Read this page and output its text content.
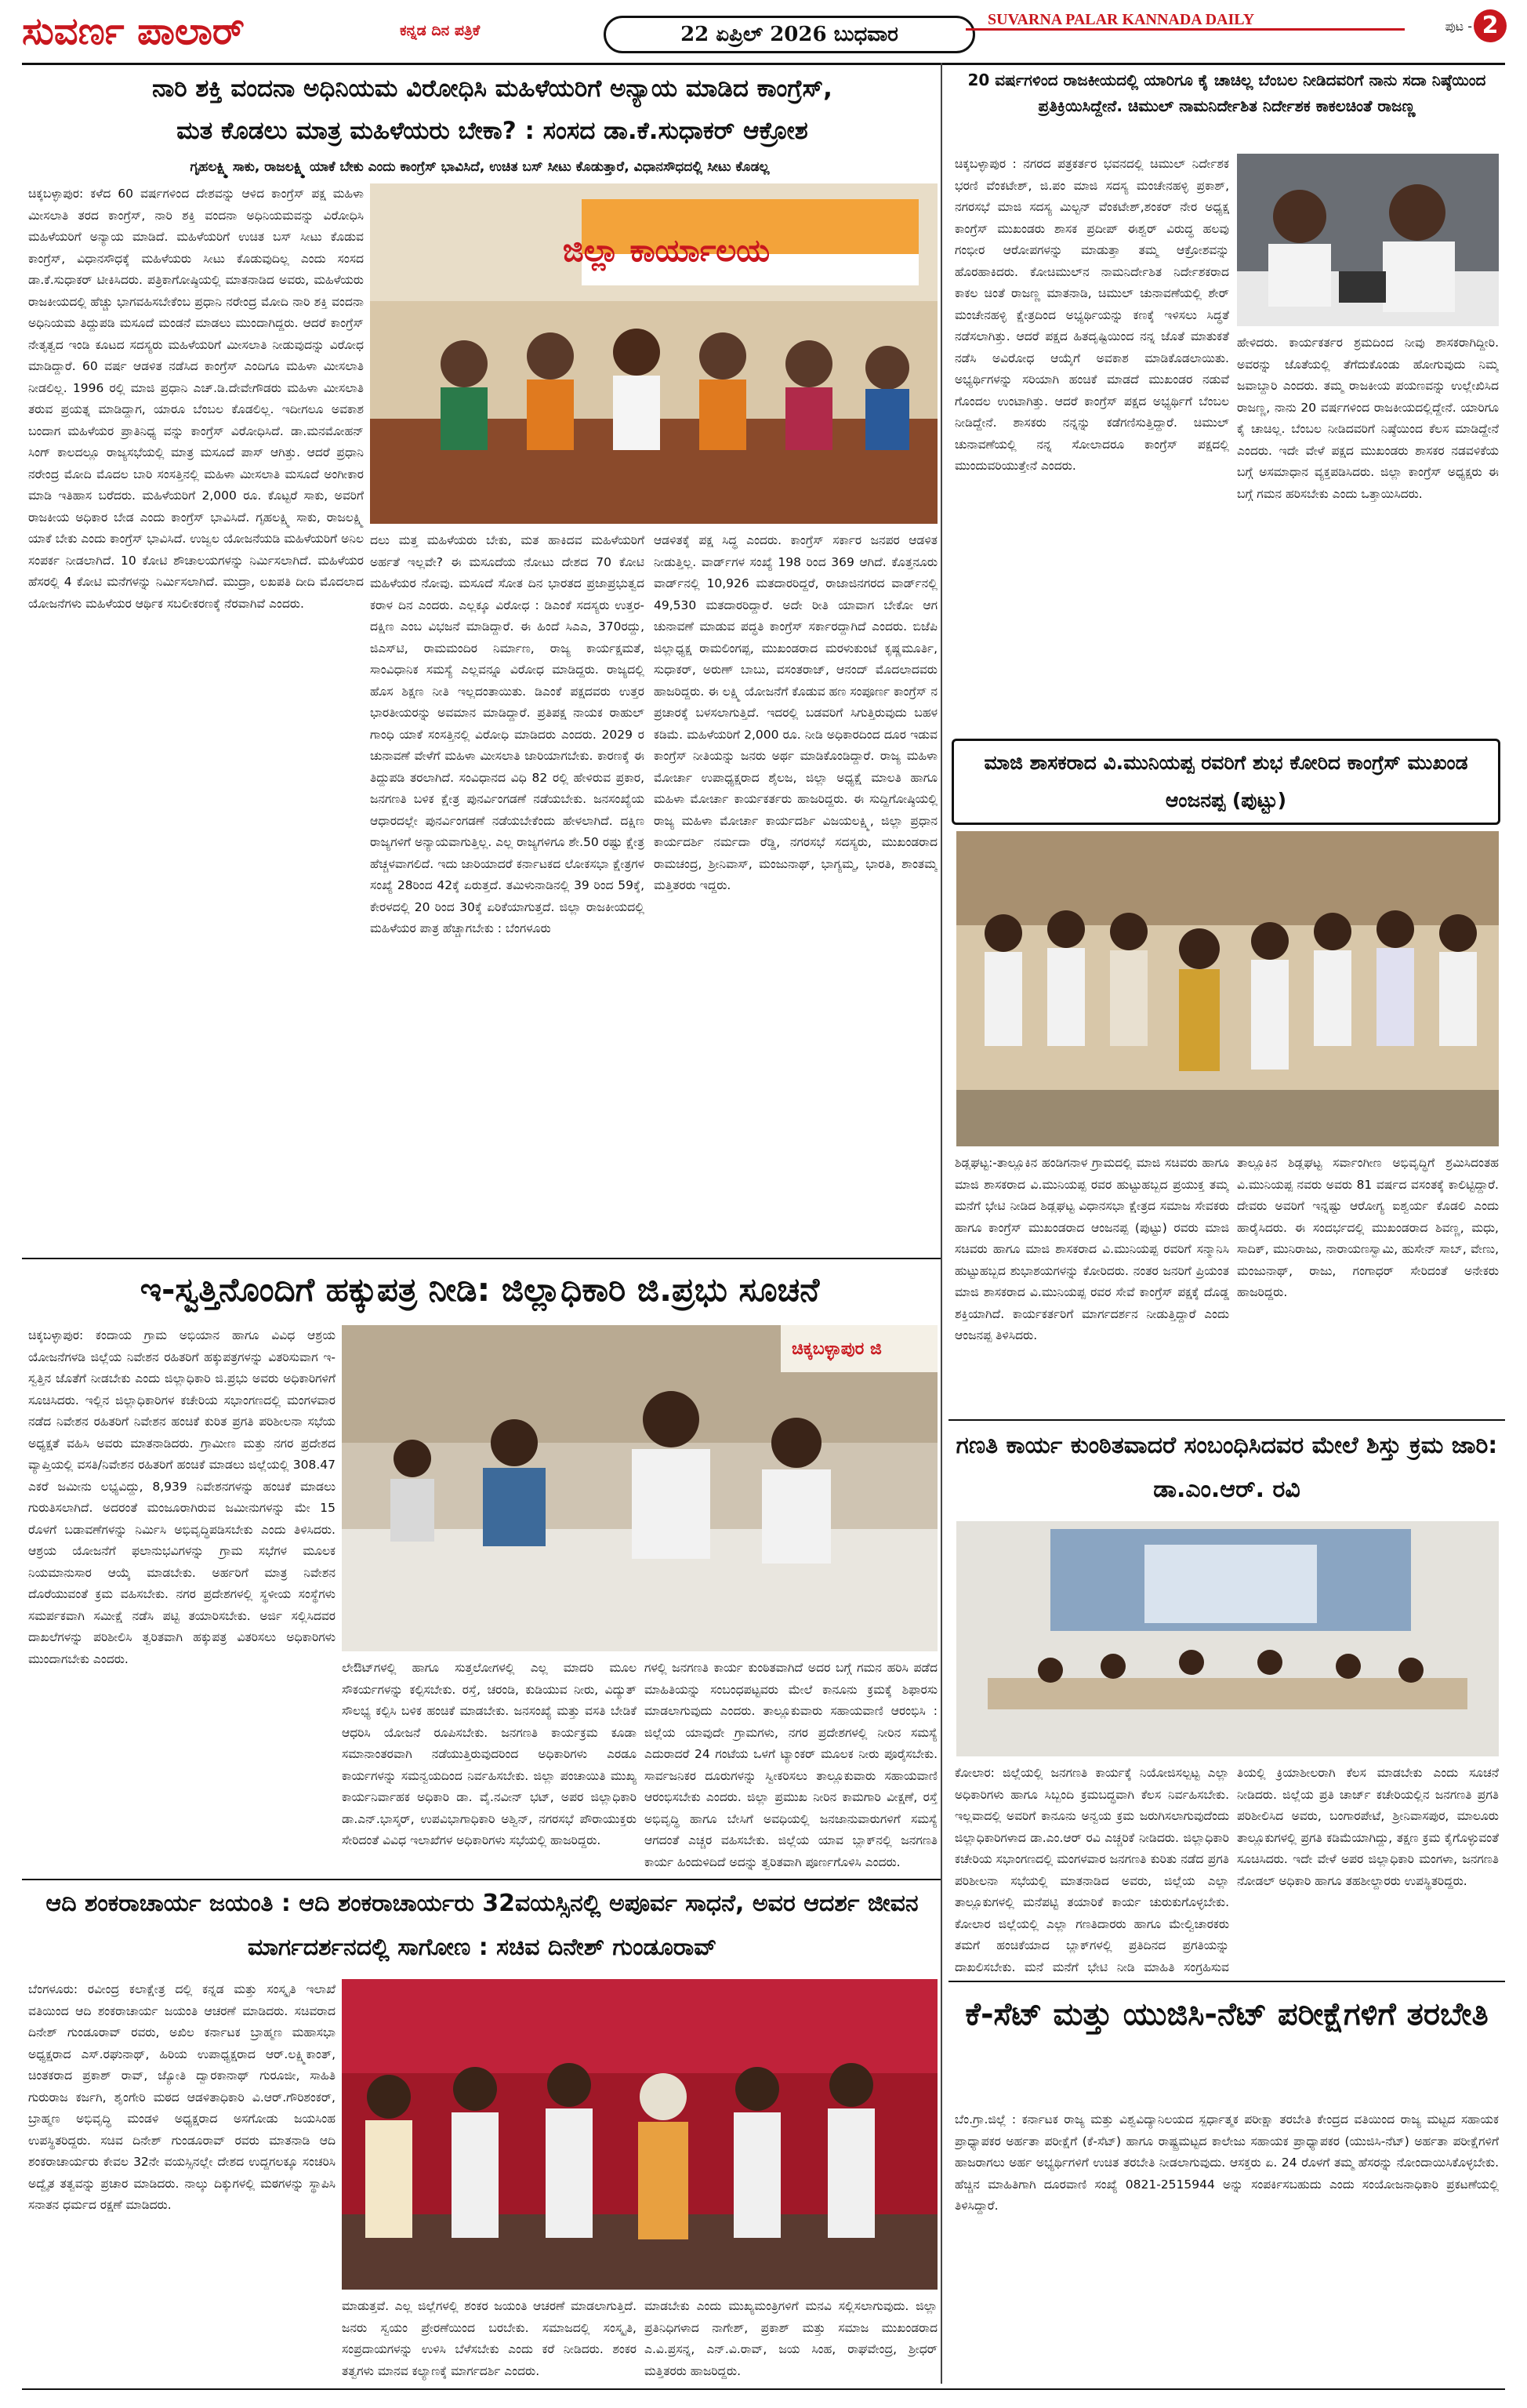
ಸುವರ್ಣ ಪಾಲಾರ್	ಕನ್ನಡ ದಿನ ಪತ್ರಿಕೆ	22 ಏಪ್ರಿಲ್ 2026 ಬುಧವಾರ
SUVARNA PALAR KANNADA DAILY	ಪುಟ - 2
ನಾರಿ ಶಕ್ತಿ ವಂದನಾ ಅಧಿನಿಯಮ ವಿರೋಧಿಸಿ ಮಹಿಳೆಯರಿಗೆ ಅನ್ಯಾಯ ಮಾಡಿದ ಕಾಂಗ್ರೆಸ್,
ಮತ ಕೊಡಲು ಮಾತ್ರ ಮಹಿಳೆಯರು ಬೇಕಾ? : ಸಂಸದ ಡಾ.ಕೆ.ಸುಧಾಕರ್ ಆಕ್ರೋಶ
ಗೃಹಲಕ್ಷ್ಮಿ ಸಾಕು, ರಾಜಲಕ್ಷ್ಮಿ ಯಾಕೆ ಬೇಕು ಎಂದು ಕಾಂಗ್ರೆಸ್ ಭಾವಿಸಿದೆ, ಉಚಿತ ಬಸ್ ಸೀಟು ಕೊಡುತ್ತಾರೆ, ವಿಧಾನಸೌಧದಲ್ಲಿ ಸೀಟು ಕೊಡಲ್ಲ
ಚಿಕ್ಕಬಳ್ಳಾಪುರ: ಕಳೆದ 60 ವರ್ಷಗಳಿಂದ ದೇಶವನ್ನು ಆಳಿದ ಕಾಂಗ್ರೆಸ್ ಪಕ್ಷ ಮಹಿಳಾ ಮೀಸಲಾತಿ ತರದ ಕಾಂಗ್ರೆಸ್, ನಾರಿ ಶಕ್ತಿ ವಂದನಾ ಅಧಿನಿಯಮವನ್ನು ವಿರೋಧಿಸಿ ಮಹಿಳೆಯರಿಗೆ ಅನ್ಯಾಯ ಮಾಡಿದೆ. ಮಹಿಳೆಯರಿಗೆ ಉಚಿತ ಬಸ್ ಸೀಟು ಕೊಡುವ ಕಾಂಗ್ರೆಸ್, ವಿಧಾನಸೌಧಕ್ಕೆ ಮಹಿಳೆಯರು ಸೀಟು ಕೊಡುವುದಿಲ್ಲ ಎಂದು ಸಂಸದ ಡಾ.ಕೆ.ಸುಧಾಕರ್ ಟೀಕಿಸಿದರು. ಪತ್ರಿಕಾಗೋಷ್ಠಿಯಲ್ಲಿ ಮಾತನಾಡಿದ ಅವರು, ಮಹಿಳೆಯರು ರಾಜಕೀಯದಲ್ಲಿ ಹೆಚ್ಚು ಭಾಗವಹಿಸಬೇಕೆಂಬ ಪ್ರಧಾನಿ ನರೇಂದ್ರ ಮೋದಿ ನಾರಿ ಶಕ್ತಿ ವಂದನಾ ಅಧಿನಿಯಮ ತಿದ್ದುಪಡಿ ಮಸೂದೆ ಮಂಡನೆ ಮಾಡಲು ಮುಂದಾಗಿದ್ದರು. ಆದರೆ ಕಾಂಗ್ರೆಸ್ ನೇತೃತ್ವದ ಇಂಡಿ ಕೂಟದ ಸದಸ್ಯರು ಮಹಿಳೆಯರಿಗೆ ಮೀಸಲಾತಿ ನೀಡುವುದನ್ನು ವಿರೋಧ ಮಾಡಿದ್ದಾರೆ. 60 ವರ್ಷ ಆಡಳಿತ ನಡೆಸಿದ ಕಾಂಗ್ರೆಸ್ ಎಂದಿಗೂ ಮಹಿಳಾ ಮೀಸಲಾತಿ ನೀಡಲಿಲ್ಲ. 1996 ರಲ್ಲಿ ಮಾಜಿ ಪ್ರಧಾನಿ ಎಚ್.ಡಿ.ದೇವೇಗೌಡರು ಮಹಿಳಾ ಮೀಸಲಾತಿ ತರುವ ಪ್ರಯತ್ನ ಮಾಡಿದ್ದಾಗ, ಯಾರೂ ಬೆಂಬಲ ಕೊಡಲಿಲ್ಲ. ಇದೀಗಲೂ ಅವಕಾಶ ಬಂದಾಗ ಮಹಿಳೆಯರ ಪ್ರಾತಿನಿಧ್ಯ ವನ್ನು ಕಾಂಗ್ರೆಸ್ ವಿರೋಧಿಸಿದೆ. ಡಾ.ಮನಮೋಹನ್ ಸಿಂಗ್ ಕಾಲದಲ್ಲೂ ರಾಜ್ಯಸಭೆಯಲ್ಲಿ ಮಾತ್ರ ಮಸೂದೆ ಪಾಸ್ ಆಗಿತ್ತು. ಆದರೆ ಪ್ರಧಾನಿ ನರೇಂದ್ರ ಮೋದಿ ಮೊದಲ ಬಾರಿ ಸಂಸತ್ತಿನಲ್ಲಿ ಮಹಿಳಾ ಮೀಸಲಾತಿ ಮಸೂದೆ ಅಂಗೀಕಾರ ಮಾಡಿ ಇತಿಹಾಸ ಬರೆದರು. ಮಹಿಳೆಯರಿಗೆ 2,000 ರೂ. ಕೊಟ್ಟರೆ ಸಾಕು, ಅವರಿಗೆ ರಾಜಕೀಯ ಅಧಿಕಾರ ಬೇಡ ಎಂದು ಕಾಂಗ್ರೆಸ್ ಭಾವಿಸಿದೆ. ಗೃಹಲಕ್ಷ್ಮಿ ಸಾಕು, ರಾಜಲಕ್ಷ್ಮಿ ಯಾಕೆ ಬೇಕು ಎಂದು ಕಾಂಗ್ರೆಸ್ ಭಾವಿಸಿದೆ. ಉಜ್ವಲ ಯೋಜನೆಯಡಿ ಮಹಿಳೆಯರಿಗೆ ಅನಿಲ ಸಂಪರ್ಕ ನೀಡಲಾಗಿದೆ. 10 ಕೋಟಿ ಶೌಚಾಲಯಗಳನ್ನು ನಿರ್ಮಿಸಲಾಗಿದೆ. ಮಹಿಳೆಯರ ಹೆಸರಲ್ಲಿ 4 ಕೋಟಿ ಮನೆಗಳನ್ನು ನಿರ್ಮಿಸಲಾಗಿದೆ. ಮುದ್ರಾ, ಲಖಪತಿ ದೀದಿ ಮೊದಲಾದ ಯೋಜನೆಗಳು ಮಹಿಳೆಯರ ಆರ್ಥಿಕ ಸಬಲೀಕರಣಕ್ಕೆ ನೆರವಾಗಿವೆ ಎಂದರು.
ಜಿಲ್ಲಾ ಕಾರ್ಯಾಲಯ
ದಲು ಮತ್ತ ಮಹಿಳೆಯರು ಬೇಕು, ಮತ ಹಾಕಿದವ ಮಹಿಳೆಯರಿಗೆ ಅರ್ಹತೆ ಇಲ್ಲವೇ? ಈ ಮಸೂದೆಯ ನೋಟು ದೇಶದ 70 ಕೋಟಿ ಮಹಿಳೆಯರ ನೋವು. ಮಸೂದೆ ಸೋತ ದಿನ ಭಾರತದ ಪ್ರಜಾಪ್ರಭುತ್ವದ ಕರಾಳ ದಿನ ಎಂದರು. ಎಲ್ಲಕ್ಕೂ ವಿರೋಧ : ಡಿಎಂಕೆ ಸದಸ್ಯರು ಉತ್ತರ-ದಕ್ಷಿಣ ಎಂಬ ವಿಭಜನೆ ಮಾಡಿದ್ದಾರೆ. ಈ ಹಿಂದೆ ಸಿಎಎ, 370ರದ್ದು, ಜಿಎಸ್‌ಟಿ, ರಾಮಮಂದಿರ ನಿರ್ಮಾಣ, ರಾಜ್ಯ ಕಾರ್ಯಕ್ಷಮತೆ, ಸಾಂವಿಧಾನಿಕ ಸಮಸ್ಯೆ ಎಲ್ಲವನ್ನೂ ವಿರೋಧ ಮಾಡಿದ್ದರು. ರಾಜ್ಯದಲ್ಲಿ ಹೊಸ ಶಿಕ್ಷಣ ನೀತಿ ಇಲ್ಲದಂತಾಯಿತು. ಡಿಎಂಕೆ ಪಕ್ಷದವರು ಉತ್ತರ ಭಾರತೀಯರನ್ನು ಅವಮಾನ ಮಾಡಿದ್ದಾರೆ. ಪ್ರತಿಪಕ್ಷ ನಾಯಕ ರಾಹುಲ್ ಗಾಂಧಿ ಯಾಕೆ ಸಂಸತ್ತಿನಲ್ಲಿ ವಿರೋಧಿ ಮಾಡಿದರು ಎಂದರು. 2029 ರ ಚುನಾವಣೆ ವೇಳೆಗೆ ಮಹಿಳಾ ಮೀಸಲಾತಿ ಜಾರಿಯಾಗಬೇಕು. ಕಾರಣಕ್ಕೆ ಈ ತಿದ್ದುಪಡಿ ತರಲಾಗಿದೆ. ಸಂವಿಧಾನದ ವಿಧಿ 82 ರಲ್ಲಿ ಹೇಳಿರುವ ಪ್ರಕಾರ, ಜನಗಣತಿ ಬಳಿಕ ಕ್ಷೇತ್ರ ಪುನರ್ವಿಂಗಡಣೆ ನಡೆಯಬೇಕು. ಜನಸಂಖ್ಯೆಯ ಆಧಾರದಲ್ಲೇ ಪುನರ್ವಿಂಗಡಣೆ ನಡೆಯಬೇಕೆಂದು ಹೇಳಲಾಗಿದೆ. ದಕ್ಷಿಣ ರಾಜ್ಯಗಳಿಗೆ ಅನ್ಯಾಯವಾಗುತ್ತಿಲ್ಲ. ಎಲ್ಲ ರಾಜ್ಯಗಳಿಗೂ ಶೇ.50 ರಷ್ಟು ಕ್ಷೇತ್ರ ಹೆಚ್ಚಳವಾಗಲಿದೆ. ಇದು ಜಾರಿಯಾದರೆ ಕರ್ನಾಟಕದ ಲೋಕಸಭಾ ಕ್ಷೇತ್ರಗಳ ಸಂಖ್ಯೆ 28ರಿಂದ 42ಕ್ಕೆ ಏರುತ್ತದೆ. ತಮಿಳುನಾಡಿನಲ್ಲಿ 39 ರಿಂದ 59ಕ್ಕೆ, ಕೇರಳದಲ್ಲಿ 20 ರಿಂದ 30ಕ್ಕೆ ಏರಿಕೆಯಾಗುತ್ತದೆ. ಜಿಲ್ಲಾ ರಾಜಕೀಯದಲ್ಲಿ ಮಹಿಳೆಯರ ಪಾತ್ರ ಹೆಚ್ಚಾಗಬೇಕು : ಬೆಂಗಳೂರು
ಆಡಳಿತಕ್ಕೆ ಪಕ್ಷ ಸಿದ್ಧ ಎಂದರು. ಕಾಂಗ್ರೆಸ್ ಸರ್ಕಾರ ಜನಪರ ಆಡಳಿತ ನೀಡುತ್ತಿಲ್ಲ. ವಾರ್ಡ್‌ಗಳ ಸಂಖ್ಯೆ 198 ರಿಂದ 369 ಆಗಿದೆ. ಕೊತ್ತನೂರು ವಾರ್ಡ್‌ನಲ್ಲಿ 10,926 ಮತದಾರರಿದ್ದರೆ, ರಾಜಾಜಿನಗರದ ವಾರ್ಡ್‌ನಲ್ಲಿ 49,530 ಮತದಾರರಿದ್ದಾರೆ. ಅದೇ ರೀತಿ ಯಾವಾಗ ಬೇಕೋ ಆಗ ಚುನಾವಣೆ ಮಾಡುವ ಪದ್ಧತಿ ಕಾಂಗ್ರೆಸ್ ಸರ್ಕಾರದ್ದಾಗಿದೆ ಎಂದರು. ಬಿಜೆಪಿ ಜಿಲ್ಲಾಧ್ಯಕ್ಷ ರಾಮಲಿಂಗಪ್ಪ, ಮುಖಂಡರಾದ ಮರಳುಕುಂಟೆ ಕೃಷ್ಣಮೂರ್ತಿ, ಸುಧಾಕರ್, ಅರುಣ್ ಬಾಬು, ವಸಂತರಾಜ್, ಆನಂದ್ ಮೊದಲಾದವರು ಹಾಜರಿದ್ದರು. ಈ ಲಕ್ಷ್ಮಿ ಯೋಜನೆಗೆ ಕೊಡುವ ಹಣ ಸಂಪೂರ್ಣ ಕಾಂಗ್ರೆಸ್ ನ ಪ್ರಚಾರಕ್ಕೆ ಬಳಸಲಾಗುತ್ತಿದೆ. ಇದರಲ್ಲಿ ಬಡವರಿಗೆ ಸಿಗುತ್ತಿರುವುದು ಬಹಳ ಕಡಿಮೆ. ಮಹಿಳೆಯರಿಗೆ 2,000 ರೂ. ನೀಡಿ ಅಧಿಕಾರದಿಂದ ದೂರ ಇಡುವ ಕಾಂಗ್ರೆಸ್ ನೀತಿಯನ್ನು ಜನರು ಅರ್ಥ ಮಾಡಿಕೊಂಡಿದ್ದಾರೆ. ರಾಜ್ಯ ಮಹಿಳಾ ಮೋರ್ಚಾ ಉಪಾಧ್ಯಕ್ಷರಾದ ಶೈಲಜ, ಜಿಲ್ಲಾ ಅಧ್ಯಕ್ಷೆ ಮಾಲತಿ ಹಾಗೂ ಮಹಿಳಾ ಮೋರ್ಚಾ ಕಾರ್ಯಕರ್ತರು ಹಾಜರಿದ್ದರು. ಈ ಸುದ್ದಿಗೋಷ್ಠಿಯಲ್ಲಿ ರಾಜ್ಯ ಮಹಿಳಾ ಮೋರ್ಚಾ ಕಾರ್ಯದರ್ಶಿ ವಿಜಯಲಕ್ಷ್ಮಿ, ಜಿಲ್ಲಾ ಪ್ರಧಾನ ಕಾರ್ಯದರ್ಶಿ ನರ್ಮದಾ ರೆಡ್ಡಿ, ನಗರಸಭೆ ಸದಸ್ಯರು, ಮುಖಂಡರಾದ ರಾಮಚಂದ್ರ, ಶ್ರೀನಿವಾಸ್, ಮಂಜುನಾಥ್, ಭಾಗ್ಯಮ್ಮ, ಭಾರತಿ, ಶಾಂತಮ್ಮ ಮತ್ತಿತರರು ಇದ್ದರು.
20 ವರ್ಷಗಳಿಂದ ರಾಜಕೀಯದಲ್ಲಿ ಯಾರಿಗೂ ಕೈ ಚಾಚಿಲ್ಲ ಬೆಂಬಲ ನೀಡಿದವರಿಗೆ ನಾನು ಸದಾ ನಿಷ್ಠೆಯಿಂದ ಪ್ರತಿಕ್ರಿಯಿಸಿದ್ದೇನೆ. ಚಿಮುಲ್ ನಾಮನಿರ್ದೇಶಿತ ನಿರ್ದೇಶಕ ಕಾಕಲಚಿಂತೆ ರಾಜಣ್ಣ
ಚಿಕ್ಕಬಳ್ಳಾಪುರ : ನಗರದ ಪತ್ರಕರ್ತರ ಭವನದಲ್ಲಿ ಚಿಮುಲ್ ನಿರ್ದೇಶಕ ಭರಣಿ ವೆಂಕಟೇಶ್, ಜಿ.ಪಂ ಮಾಜಿ ಸದಸ್ಯ ಮಂಚೇನಹಳ್ಳಿ ಪ್ರಕಾಶ್, ನಗರಸಭೆ ಮಾಜಿ ಸದಸ್ಯ ಮಿಲ್ಟನ್ ವೆಂಕಟೇಶ್,ಶಂಕರ್ ನೇರ ಅಧ್ಯಕ್ಷ ಕಾಂಗ್ರೆಸ್ ಮುಖಂಡರು ಶಾಸಕ ಪ್ರದೀಪ್ ಈಶ್ವರ್ ವಿರುದ್ಧ ಹಲವು ಗಂಭೀರ ಆರೋಪಗಳನ್ನು ಮಾಡುತ್ತಾ ತಮ್ಮ ಆಕ್ರೋಶವನ್ನು ಹೊರಹಾಕಿದರು. ಕೋಚಿಮುಲ್‌ನ ನಾಮನಿರ್ದೇಶಿತ ನಿರ್ದೇಶಕರಾದ ಕಾಕಲ ಚಿಂತೆ ರಾಜಣ್ಣ ಮಾತನಾಡಿ, ಚಿಮುಲ್ ಚುನಾವಣೆಯಲ್ಲಿ ಶೇರ್ ಮಂಚೇನಹಳ್ಳಿ ಕ್ಷೇತ್ರದಿಂದ ಅಭ್ಯರ್ಥಿಯನ್ನು ಕಣಕ್ಕೆ ಇಳಿಸಲು ಸಿದ್ಧತೆ ನಡೆಸಲಾಗಿತ್ತು. ಆದರೆ ಪಕ್ಷದ ಹಿತದೃಷ್ಟಿಯಿಂದ ನನ್ನ ಜೊತೆ ಮಾತುಕತೆ ನಡೆಸಿ ಅವಿರೋಧ ಆಯ್ಕೆಗೆ ಅವಕಾಶ ಮಾಡಿಕೊಡಲಾಯಿತು. ಅಭ್ಯರ್ಥಿಗಳನ್ನು ಸರಿಯಾಗಿ ಹಂಚಿಕೆ ಮಾಡದೆ ಮುಖಂಡರ ನಡುವೆ ಗೊಂದಲ ಉಂಟಾಗಿತ್ತು. ಆದರೆ ಕಾಂಗ್ರೆಸ್ ಪಕ್ಷದ ಅಭ್ಯರ್ಥಿಗೆ ಬೆಂಬಲ ನೀಡಿದ್ದೇನೆ. ಶಾಸಕರು ನನ್ನನ್ನು ಕಡೆಗಣಿಸುತ್ತಿದ್ದಾರೆ. ಚಿಮುಲ್ ಚುನಾವಣೆಯಲ್ಲಿ ನನ್ನ ಸೋಲಾದರೂ ಕಾಂಗ್ರೆಸ್ ಪಕ್ಷದಲ್ಲಿ ಮುಂದುವರಿಯುತ್ತೇನೆ ಎಂದರು.
ಹೇಳಿದರು. ಕಾರ್ಯಕರ್ತರ ಶ್ರಮದಿಂದ ನೀವು ಶಾಸಕರಾಗಿದ್ದೀರಿ. ಅವರನ್ನು ಜೊತೆಯಲ್ಲಿ ತೆಗೆದುಕೊಂಡು ಹೋಗುವುದು ನಿಮ್ಮ ಜವಾಬ್ದಾರಿ ಎಂದರು. ತಮ್ಮ ರಾಜಕೀಯ ಪಯಣವನ್ನು ಉಲ್ಲೇಖಿಸಿದ ರಾಜಣ್ಣ, ನಾನು 20 ವರ್ಷಗಳಿಂದ ರಾಜಕೀಯದಲ್ಲಿದ್ದೇನೆ. ಯಾರಿಗೂ ಕೈ ಚಾಚಿಲ್ಲ. ಬೆಂಬಲ ನೀಡಿದವರಿಗೆ ನಿಷ್ಠೆಯಿಂದ ಕೆಲಸ ಮಾಡಿದ್ದೇನೆ ಎಂದರು. ಇದೇ ವೇಳೆ ಪಕ್ಷದ ಮುಖಂಡರು ಶಾಸಕರ ನಡವಳಿಕೆಯ ಬಗ್ಗೆ ಅಸಮಾಧಾನ ವ್ಯಕ್ತಪಡಿಸಿದರು. ಜಿಲ್ಲಾ ಕಾಂಗ್ರೆಸ್ ಅಧ್ಯಕ್ಷರು ಈ ಬಗ್ಗೆ ಗಮನ ಹರಿಸಬೇಕು ಎಂದು ಒತ್ತಾಯಿಸಿದರು.
ಮಾಜಿ ಶಾಸಕರಾದ ವಿ.ಮುನಿಯಪ್ಪ ರವರಿಗೆ ಶುಭ ಕೋರಿದ ಕಾಂಗ್ರೆಸ್ ಮುಖಂಡ ಆಂಜನಪ್ಪ (ಪುಟ್ಟು)
ಶಿಡ್ಲಘಟ್ಟ:-ತಾಲ್ಲೂಕಿನ ಹಂಡಿಗನಾಳ ಗ್ರಾಮದಲ್ಲಿ ಮಾಜಿ ಸಚಿವರು ಹಾಗೂ ಮಾಜಿ ಶಾಸಕರಾದ ವಿ.ಮುನಿಯಪ್ಪ ರವರ ಹುಟ್ಟುಹಬ್ಬದ ಪ್ರಯುಕ್ತ ತಮ್ಮ ಮನೆಗೆ ಭೇಟಿ ನೀಡಿದ ಶಿಡ್ಲಘಟ್ಟ ವಿಧಾನಸಭಾ ಕ್ಷೇತ್ರದ ಸಮಾಜ ಸೇವಕರು ಹಾಗೂ ಕಾಂಗ್ರೆಸ್ ಮುಖಂಡರಾದ ಆಂಜನಪ್ಪ (ಪುಟ್ಟು) ರವರು ಮಾಜಿ ಸಚಿವರು ಹಾಗೂ ಮಾಜಿ ಶಾಸಕರಾದ ವಿ.ಮುನಿಯಪ್ಪ ರವರಿಗೆ ಸನ್ಮಾನಿಸಿ ಹುಟ್ಟುಹಬ್ಬದ ಶುಭಾಶಯಗಳನ್ನು ಕೋರಿದರು. ನಂತರ ಜನರಿಗೆ ಪ್ರಿಯಂತ ಮಾಜಿ ಶಾಸಕರಾದ ವಿ.ಮುನಿಯಪ್ಪ ರವರ ಸೇವೆ ಕಾಂಗ್ರೆಸ್ ಪಕ್ಷಕ್ಕೆ ದೊಡ್ಡ ಶಕ್ತಿಯಾಗಿದೆ. ಕಾರ್ಯಕರ್ತರಿಗೆ ಮಾರ್ಗದರ್ಶನ ನೀಡುತ್ತಿದ್ದಾರೆ ಎಂದು ಆಂಜನಪ್ಪ ತಿಳಿಸಿದರು.
ತಾಲ್ಲೂಕಿನ ಶಿಡ್ಲಘಟ್ಟ ಸರ್ವಾಂಗೀಣ ಅಭಿವೃದ್ಧಿಗೆ ಶ್ರಮಿಸಿದಂತಹ ವಿ.ಮುನಿಯಪ್ಪ ನವರು ಅವರು 81 ವರ್ಷದ ವಸಂತಕ್ಕೆ ಕಾಲಿಟ್ಟಿದ್ದಾರೆ. ದೇವರು ಅವರಿಗೆ ಇನ್ನಷ್ಟು ಆರೋಗ್ಯ ಐಶ್ವರ್ಯ ಕೊಡಲಿ ಎಂದು ಹಾರೈಸಿದರು. ಈ ಸಂದರ್ಭದಲ್ಲಿ ಮುಖಂಡರಾದ ಶಿವಣ್ಣ, ಮಧು, ಸಾದಿಕ್, ಮುನಿರಾಜು, ನಾರಾಯಣಸ್ವಾಮಿ, ಹುಸೇನ್ ಸಾಬ್, ವೇಣು, ಮಂಜುನಾಥ್, ರಾಜು, ಗಂಗಾಧರ್ ಸೇರಿದಂತೆ ಅನೇಕರು ಹಾಜರಿದ್ದರು.
ಇ-ಸ್ವತ್ತಿನೊಂದಿಗೆ ಹಕ್ಕುಪತ್ರ ನೀಡಿ: ಜಿಲ್ಲಾಧಿಕಾರಿ ಜಿ.ಪ್ರಭು ಸೂಚನೆ
ಚಿಕ್ಕಬಳ್ಳಾಪುರ: ಕಂದಾಯ ಗ್ರಾಮ ಅಭಿಯಾನ ಹಾಗೂ ವಿವಿಧ ಆಶ್ರಯ ಯೋಜನೆಗಳಡಿ ಜಿಲ್ಲೆಯ ನಿವೇಶನ ರಹಿತರಿಗೆ ಹಕ್ಕುಪತ್ರಗಳನ್ನು ವಿತರಿಸುವಾಗ ಇ-ಸ್ವತ್ತಿನ ಜೊತೆಗೆ ನೀಡಬೇಕು ಎಂದು ಜಿಲ್ಲಾಧಿಕಾರಿ ಜಿ.ಪ್ರಭು ಅವರು ಅಧಿಕಾರಿಗಳಿಗೆ ಸೂಚಿಸಿದರು. ಇಲ್ಲಿನ ಜಿಲ್ಲಾಧಿಕಾರಿಗಳ ಕಚೇರಿಯ ಸಭಾಂಗಣದಲ್ಲಿ ಮಂಗಳವಾರ ನಡೆದ ನಿವೇಶನ ರಹಿತರಿಗೆ ನಿವೇಶನ ಹಂಚಿಕೆ ಕುರಿತ ಪ್ರಗತಿ ಪರಿಶೀಲನಾ ಸಭೆಯ ಅಧ್ಯಕ್ಷತೆ ವಹಿಸಿ ಅವರು ಮಾತನಾಡಿದರು. ಗ್ರಾಮೀಣ ಮತ್ತು ನಗರ ಪ್ರದೇಶದ ವ್ಯಾಪ್ತಿಯಲ್ಲಿ ವಸತಿ/ನಿವೇಶನ ರಹಿತರಿಗೆ ಹಂಚಿಕೆ ಮಾಡಲು ಜಿಲ್ಲೆಯಲ್ಲಿ 308.47 ಎಕರೆ ಜಮೀನು ಲಭ್ಯವಿದ್ದು, 8,939 ನಿವೇಶನಗಳನ್ನು ಹಂಚಿಕೆ ಮಾಡಲು ಗುರುತಿಸಲಾಗಿದೆ. ಅದರಂತೆ ಮಂಜೂರಾಗಿರುವ ಜಮೀನುಗಳನ್ನು ಮೇ 15 ರೊಳಗೆ ಬಡಾವಣೆಗಳನ್ನು ನಿರ್ಮಿಸಿ ಅಭಿವೃದ್ಧಿಪಡಿಸಬೇಕು ಎಂದು ತಿಳಿಸಿದರು. ಆಶ್ರಯ ಯೋಜನೆಗೆ ಫಲಾನುಭವಿಗಳನ್ನು ಗ್ರಾಮ ಸಭೆಗಳ ಮೂಲಕ ನಿಯಮಾನುಸಾರ ಆಯ್ಕೆ ಮಾಡಬೇಕು. ಅರ್ಹರಿಗೆ ಮಾತ್ರ ನಿವೇಶನ ದೊರೆಯುವಂತೆ ಕ್ರಮ ವಹಿಸಬೇಕು. ನಗರ ಪ್ರದೇಶಗಳಲ್ಲಿ ಸ್ಥಳೀಯ ಸಂಸ್ಥೆಗಳು ಸಮರ್ಪಕವಾಗಿ ಸಮೀಕ್ಷೆ ನಡೆಸಿ ಪಟ್ಟಿ ತಯಾರಿಸಬೇಕು. ಅರ್ಜಿ ಸಲ್ಲಿಸಿದವರ ದಾಖಲೆಗಳನ್ನು ಪರಿಶೀಲಿಸಿ ತ್ವರಿತವಾಗಿ ಹಕ್ಕುಪತ್ರ ವಿತರಿಸಲು ಅಧಿಕಾರಿಗಳು ಮುಂದಾಗಬೇಕು ಎಂದರು.
ಚಿಕ್ಕಬಳ್ಳಾಪುರ ಜಿ
ಲೇಔಟ್‌ಗಳಲ್ಲಿ ಹಾಗೂ ಸುತ್ತಲೋಗಳಲ್ಲಿ ಎಲ್ಲ ಮಾದರಿ ಮೂಲ ಸೌಕರ್ಯಗಳನ್ನು ಕಲ್ಪಿಸಬೇಕು. ರಸ್ತೆ, ಚರಂಡಿ, ಕುಡಿಯುವ ನೀರು, ವಿದ್ಯುತ್ ಸೌಲಭ್ಯ ಕಲ್ಪಿಸಿ ಬಳಿಕ ಹಂಚಿಕೆ ಮಾಡಬೇಕು. ಜನಸಂಖ್ಯೆ ಮತ್ತು ವಸತಿ ಬೇಡಿಕೆ ಆಧರಿಸಿ ಯೋಜನೆ ರೂಪಿಸಬೇಕು. ಜನಗಣತಿ ಕಾರ್ಯಕ್ರಮ ಕೂಡಾ ಸಮಾನಾಂತರವಾಗಿ ನಡೆಯುತ್ತಿರುವುದರಿಂದ ಅಧಿಕಾರಿಗಳು ಎರಡೂ ಕಾರ್ಯಗಳನ್ನು ಸಮನ್ವಯದಿಂದ ನಿರ್ವಹಿಸಬೇಕು. ಜಿಲ್ಲಾ ಪಂಚಾಯಿತಿ ಮುಖ್ಯ ಕಾರ್ಯನಿರ್ವಾಹಕ ಅಧಿಕಾರಿ ಡಾ. ವೈ.ನವೀನ್ ಭಟ್, ಅಪರ ಜಿಲ್ಲಾಧಿಕಾರಿ ಡಾ.ಎನ್.ಭಾಸ್ಕರ್, ಉಪವಿಭಾಗಾಧಿಕಾರಿ ಅಶ್ವಿನ್, ನಗರಸಭೆ ಪೌರಾಯುಕ್ತರು ಸೇರಿದಂತೆ ವಿವಿಧ ಇಲಾಖೆಗಳ ಅಧಿಕಾರಿಗಳು ಸಭೆಯಲ್ಲಿ ಹಾಜರಿದ್ದರು.
ಗಳಲ್ಲಿ ಜನಗಣತಿ ಕಾರ್ಯ ಕುಂಠಿತವಾಗಿದೆ ಅದರ ಬಗ್ಗೆ ಗಮನ ಹರಿಸಿ ಪಡೆದ ಮಾಹಿತಿಯನ್ನು ಸಂಬಂಧಪಟ್ಟವರು ಮೇಲೆ ಕಾನೂನು ಕ್ರಮಕ್ಕೆ ಶಿಫಾರಸು ಮಾಡಲಾಗುವುದು ಎಂದರು. ತಾಲ್ಲೂಕುವಾರು ಸಹಾಯವಾಣಿ ಆರಂಭಿಸಿ : ಜಿಲ್ಲೆಯ ಯಾವುದೇ ಗ್ರಾಮಗಳು, ನಗರ ಪ್ರದೇಶಗಳಲ್ಲಿ ನೀರಿನ ಸಮಸ್ಯೆ ಎದುರಾದರೆ 24 ಗಂಟೆಯ ಒಳಗೆ ಟ್ಯಾಂಕರ್ ಮೂಲಕ ನೀರು ಪೂರೈಸಬೇಕು. ಸಾರ್ವಜನಿಕರ ದೂರುಗಳನ್ನು ಸ್ವೀಕರಿಸಲು ತಾಲ್ಲೂಕುವಾರು ಸಹಾಯವಾಣಿ ಆರಂಭಿಸಬೇಕು ಎಂದರು. ಜಿಲ್ಲಾ ಪ್ರಮುಖ ನೀರಿನ ಕಾಮಗಾರಿ ವೀಕ್ಷಣೆ, ರಸ್ತೆ ಅಭಿವೃದ್ಧಿ ಹಾಗೂ ಬೇಸಿಗೆ ಅವಧಿಯಲ್ಲಿ ಜನಜಾನುವಾರುಗಳಿಗೆ ಸಮಸ್ಯೆ ಆಗದಂತೆ ಎಚ್ಚರ ವಹಿಸಬೇಕು. ಜಿಲ್ಲೆಯ ಯಾವ ಬ್ಲಾಕ್‌ನಲ್ಲಿ ಜನಗಣತಿ ಕಾರ್ಯ ಹಿಂದುಳಿದಿದೆ ಅದನ್ನು ತ್ವರಿತವಾಗಿ ಪೂರ್ಣಗೊಳಿಸಿ ಎಂದರು.
ಗಣತಿ ಕಾರ್ಯ ಕುಂಠಿತವಾದರೆ ಸಂಬಂಧಿಸಿದವರ ಮೇಲೆ ಶಿಸ್ತು ಕ್ರಮ ಜಾರಿ: ಡಾ.ಎಂ.ಆರ್. ರವಿ
ಕೋಲಾರ: ಜಿಲ್ಲೆಯಲ್ಲಿ ಜನಗಣತಿ ಕಾರ್ಯಕ್ಕೆ ನಿಯೋಜಿಸಲ್ಪಟ್ಟ ಎಲ್ಲಾ ಅಧಿಕಾರಿಗಳು ಹಾಗೂ ಸಿಬ್ಬಂದಿ ಕ್ರಮಬದ್ಧವಾಗಿ ಕೆಲಸ ನಿರ್ವಹಿಸಬೇಕು. ಇಲ್ಲವಾದಲ್ಲಿ ಅವರಿಗೆ ಕಾನೂನು ಅನ್ವಯ ಕ್ರಮ ಜರುಗಿಸಲಾಗುವುದೆಂದು ಜಿಲ್ಲಾಧಿಕಾರಿಗಳಾದ ಡಾ.ಎಂ.ಆರ್ ರವಿ ಎಚ್ಚರಿಕೆ ನೀಡಿದರು. ಜಿಲ್ಲಾಧಿಕಾರಿ ಕಚೇರಿಯ ಸಭಾಂಗಣದಲ್ಲಿ ಮಂಗಳವಾರ ಜನಗಣತಿ ಕುರಿತು ನಡೆದ ಪ್ರಗತಿ ಪರಿಶೀಲನಾ ಸಭೆಯಲ್ಲಿ ಮಾತನಾಡಿದ ಅವರು, ಜಿಲ್ಲೆಯ ಎಲ್ಲಾ ತಾಲ್ಲೂಕುಗಳಲ್ಲಿ ಮನೆಪಟ್ಟಿ ತಯಾರಿಕೆ ಕಾರ್ಯ ಚುರುಕುಗೊಳ್ಳಬೇಕು. ಕೋಲಾರ ಜಿಲ್ಲೆಯಲ್ಲಿ ಎಲ್ಲಾ ಗಣತಿದಾರರು ಹಾಗೂ ಮೇಲ್ವಿಚಾರಕರು ತಮಗೆ ಹಂಚಿಕೆಯಾದ ಬ್ಲಾಕ್‌ಗಳಲ್ಲಿ ಪ್ರತಿದಿನದ ಪ್ರಗತಿಯನ್ನು ದಾಖಲಿಸಬೇಕು. ಮನೆ ಮನೆಗೆ ಭೇಟಿ ನೀಡಿ ಮಾಹಿತಿ ಸಂಗ್ರಹಿಸುವ
ತಿಯಲ್ಲಿ ಕ್ರಿಯಾಶೀಲರಾಗಿ ಕೆಲಸ ಮಾಡಬೇಕು ಎಂದು ಸೂಚನೆ ನೀಡಿದರು. ಜಿಲ್ಲೆಯ ಪ್ರತಿ ಚಾರ್ಜ್ ಕಚೇರಿಯಲ್ಲಿನ ಜನಗಣತಿ ಪ್ರಗತಿ ಪರಿಶೀಲಿಸಿದ ಅವರು, ಬಂಗಾರಪೇಟೆ, ಶ್ರೀನಿವಾಸಪುರ, ಮಾಲೂರು ತಾಲ್ಲೂಕುಗಳಲ್ಲಿ ಪ್ರಗತಿ ಕಡಿಮೆಯಾಗಿದ್ದು, ತಕ್ಷಣ ಕ್ರಮ ಕೈಗೊಳ್ಳುವಂತೆ ಸೂಚಿಸಿದರು. ಇದೇ ವೇಳೆ ಅಪರ ಜಿಲ್ಲಾಧಿಕಾರಿ ಮಂಗಳಾ, ಜನಗಣತಿ ನೋಡಲ್ ಅಧಿಕಾರಿ ಹಾಗೂ ತಹಶೀಲ್ದಾರರು ಉಪಸ್ಥಿತರಿದ್ದರು.
ಆದಿ ಶಂಕರಾಚಾರ್ಯ ಜಯಂತಿ : ಆದಿ ಶಂಕರಾಚಾರ್ಯರು 32ವಯಸ್ಸಿನಲ್ಲಿ ಅಪೂರ್ವ ಸಾಧನೆ, ಅವರ ಆದರ್ಶ ಜೀವನ ಮಾರ್ಗದರ್ಶನದಲ್ಲಿ ಸಾಗೋಣ : ಸಚಿವ ದಿನೇಶ್ ಗುಂಡೂರಾವ್
ಬೆಂಗಳೂರು: ರವೀಂದ್ರ ಕಲಾಕ್ಷೇತ್ರ ದಲ್ಲಿ ಕನ್ನಡ ಮತ್ತು ಸಂಸ್ಕೃತಿ ಇಲಾಖೆ ವತಿಯಿಂದ ಆದಿ ಶಂಕರಾಚಾರ್ಯ ಜಯಂತಿ ಆಚರಣೆ ಮಾಡಿದರು. ಸಚಿವರಾದ ದಿನೇಶ್ ಗುಂಡೂರಾವ್ ರವರು, ಅಖಿಲ ಕರ್ನಾಟಕ ಬ್ರಾಹ್ಮಣ ಮಹಾಸಭಾ ಅಧ್ಯಕ್ಷರಾದ ಎಸ್.ರಘುನಾಥ್, ಹಿರಿಯ ಉಪಾಧ್ಯಕ್ಷರಾದ ಆರ್.ಲಕ್ಷ್ಮಿಕಾಂತ್, ಚಿಂತಕರಾದ ಪ್ರಕಾಶ್ ರಾವ್, ಜ್ಯೋತಿ ದ್ವಾರಕಾನಾಥ್ ಗುರೂಜೀ, ಸಾಹಿತಿ ಗುರುರಾಜ ಕರ್ಜಗಿ, ಶೃಂಗೇರಿ ಮಠದ ಆಡಳಿತಾಧಿಕಾರಿ ವಿ.ಆರ್.ಗೌರಿಶಂಕರ್, ಬ್ರಾಹ್ಮಣ ಅಭಿವೃದ್ಧಿ ಮಂಡಳಿ ಅಧ್ಯಕ್ಷರಾದ ಅಸಗೋಡು ಜಯಸಿಂಹ ಉಪಸ್ಥಿತರಿದ್ದರು. ಸಚಿವ ದಿನೇಶ್ ಗುಂಡೂರಾವ್ ರವರು ಮಾತನಾಡಿ ಆದಿ ಶಂಕರಾಚಾರ್ಯರು ಕೇವಲ 32ನೇ ವಯಸ್ಸಿನಲ್ಲೇ ದೇಶದ ಉದ್ದಗಲಕ್ಕೂ ಸಂಚರಿಸಿ ಅದ್ವೈತ ತತ್ವವನ್ನು ಪ್ರಚಾರ ಮಾಡಿದರು. ನಾಲ್ಕು ದಿಕ್ಕುಗಳಲ್ಲಿ ಮಠಗಳನ್ನು ಸ್ಥಾಪಿಸಿ ಸನಾತನ ಧರ್ಮದ ರಕ್ಷಣೆ ಮಾಡಿದರು.
ಮಾಡುತ್ತವೆ. ಎಲ್ಲ ಜಿಲ್ಲೆಗಳಲ್ಲಿ ಶಂಕರ ಜಯಂತಿ ಆಚರಣೆ ಮಾಡಲಾಗುತ್ತಿದೆ. ಜನರು ಸ್ವಯಂ ಪ್ರೇರಣೆಯಿಂದ ಬರಬೇಕು. ಸಮಾಜದಲ್ಲಿ ಸಂಸ್ಕೃತಿ, ಸಂಪ್ರದಾಯಗಳನ್ನು ಉಳಿಸಿ ಬೆಳೆಸಬೇಕು ಎಂದು ಕರೆ ನೀಡಿದರು. ಶಂಕರ ತತ್ವಗಳು ಮಾನವ ಕಲ್ಯಾಣಕ್ಕೆ ಮಾರ್ಗದರ್ಶಿ ಎಂದರು.
ಮಾಡಬೇಕು ಎಂದು ಮುಖ್ಯಮಂತ್ರಿಗಳಿಗೆ ಮನವಿ ಸಲ್ಲಿಸಲಾಗುವುದು. ಜಿಲ್ಲಾ ಪ್ರತಿನಿಧಿಗಳಾದ ನಾಗೇಶ್, ಪ್ರಕಾಶ್ ಮತ್ತು ಸಮಾಜ ಮುಖಂಡರಾದ ಎ.ವಿ.ಪ್ರಸನ್ನ, ಎನ್.ವಿ.ರಾವ್, ಜಯ ಸಿಂಹ, ರಾಘವೇಂದ್ರ, ಶ್ರೀಧರ್ ಮತ್ತಿತರರು ಹಾಜರಿದ್ದರು.
ಕೆ-ಸೆಟ್ ಮತ್ತು ಯುಜಿಸಿ-ನೆಟ್ ಪರೀಕ್ಷೆಗಳಿಗೆ ತರಬೇತಿ
ಬೆಂ.ಗ್ರಾ.ಜಿಲ್ಲೆ : ಕರ್ನಾಟಕ ರಾಜ್ಯ ಮತ್ತು ವಿಶ್ವವಿದ್ಯಾನಿಲಯದ ಸ್ಪರ್ಧಾತ್ಮಕ ಪರೀಕ್ಷಾ ತರಬೇತಿ ಕೇಂದ್ರದ ವತಿಯಿಂದ ರಾಜ್ಯ ಮಟ್ಟದ ಸಹಾಯಕ ಪ್ರಾಧ್ಯಾಪಕರ ಅರ್ಹತಾ ಪರೀಕ್ಷೆಗೆ (ಕೆ-ಸೆಟ್) ಹಾಗೂ ರಾಷ್ಟ್ರಮಟ್ಟದ ಕಾಲೇಜು ಸಹಾಯಕ ಪ್ರಾಧ್ಯಾಪಕರ (ಯುಜಿಸಿ-ನೆಟ್) ಅರ್ಹತಾ ಪರೀಕ್ಷೆಗಳಿಗೆ ಹಾಜರಾಗಲು ಅರ್ಹ ಅಭ್ಯರ್ಥಿಗಳಿಗೆ ಉಚಿತ ತರಬೇತಿ ನೀಡಲಾಗುವುದು. ಆಸಕ್ತರು ಏ. 24 ರೊಳಗೆ ತಮ್ಮ ಹೆಸರನ್ನು ನೋಂದಾಯಿಸಿಕೊಳ್ಳಬೇಕು. ಹೆಚ್ಚಿನ ಮಾಹಿತಿಗಾಗಿ ದೂರವಾಣಿ ಸಂಖ್ಯೆ 0821-2515944 ಅನ್ನು ಸಂಪರ್ಕಿಸಬಹುದು ಎಂದು ಸಂಯೋಜನಾಧಿಕಾರಿ ಪ್ರಕಟಣೆಯಲ್ಲಿ ತಿಳಿಸಿದ್ದಾರೆ.
